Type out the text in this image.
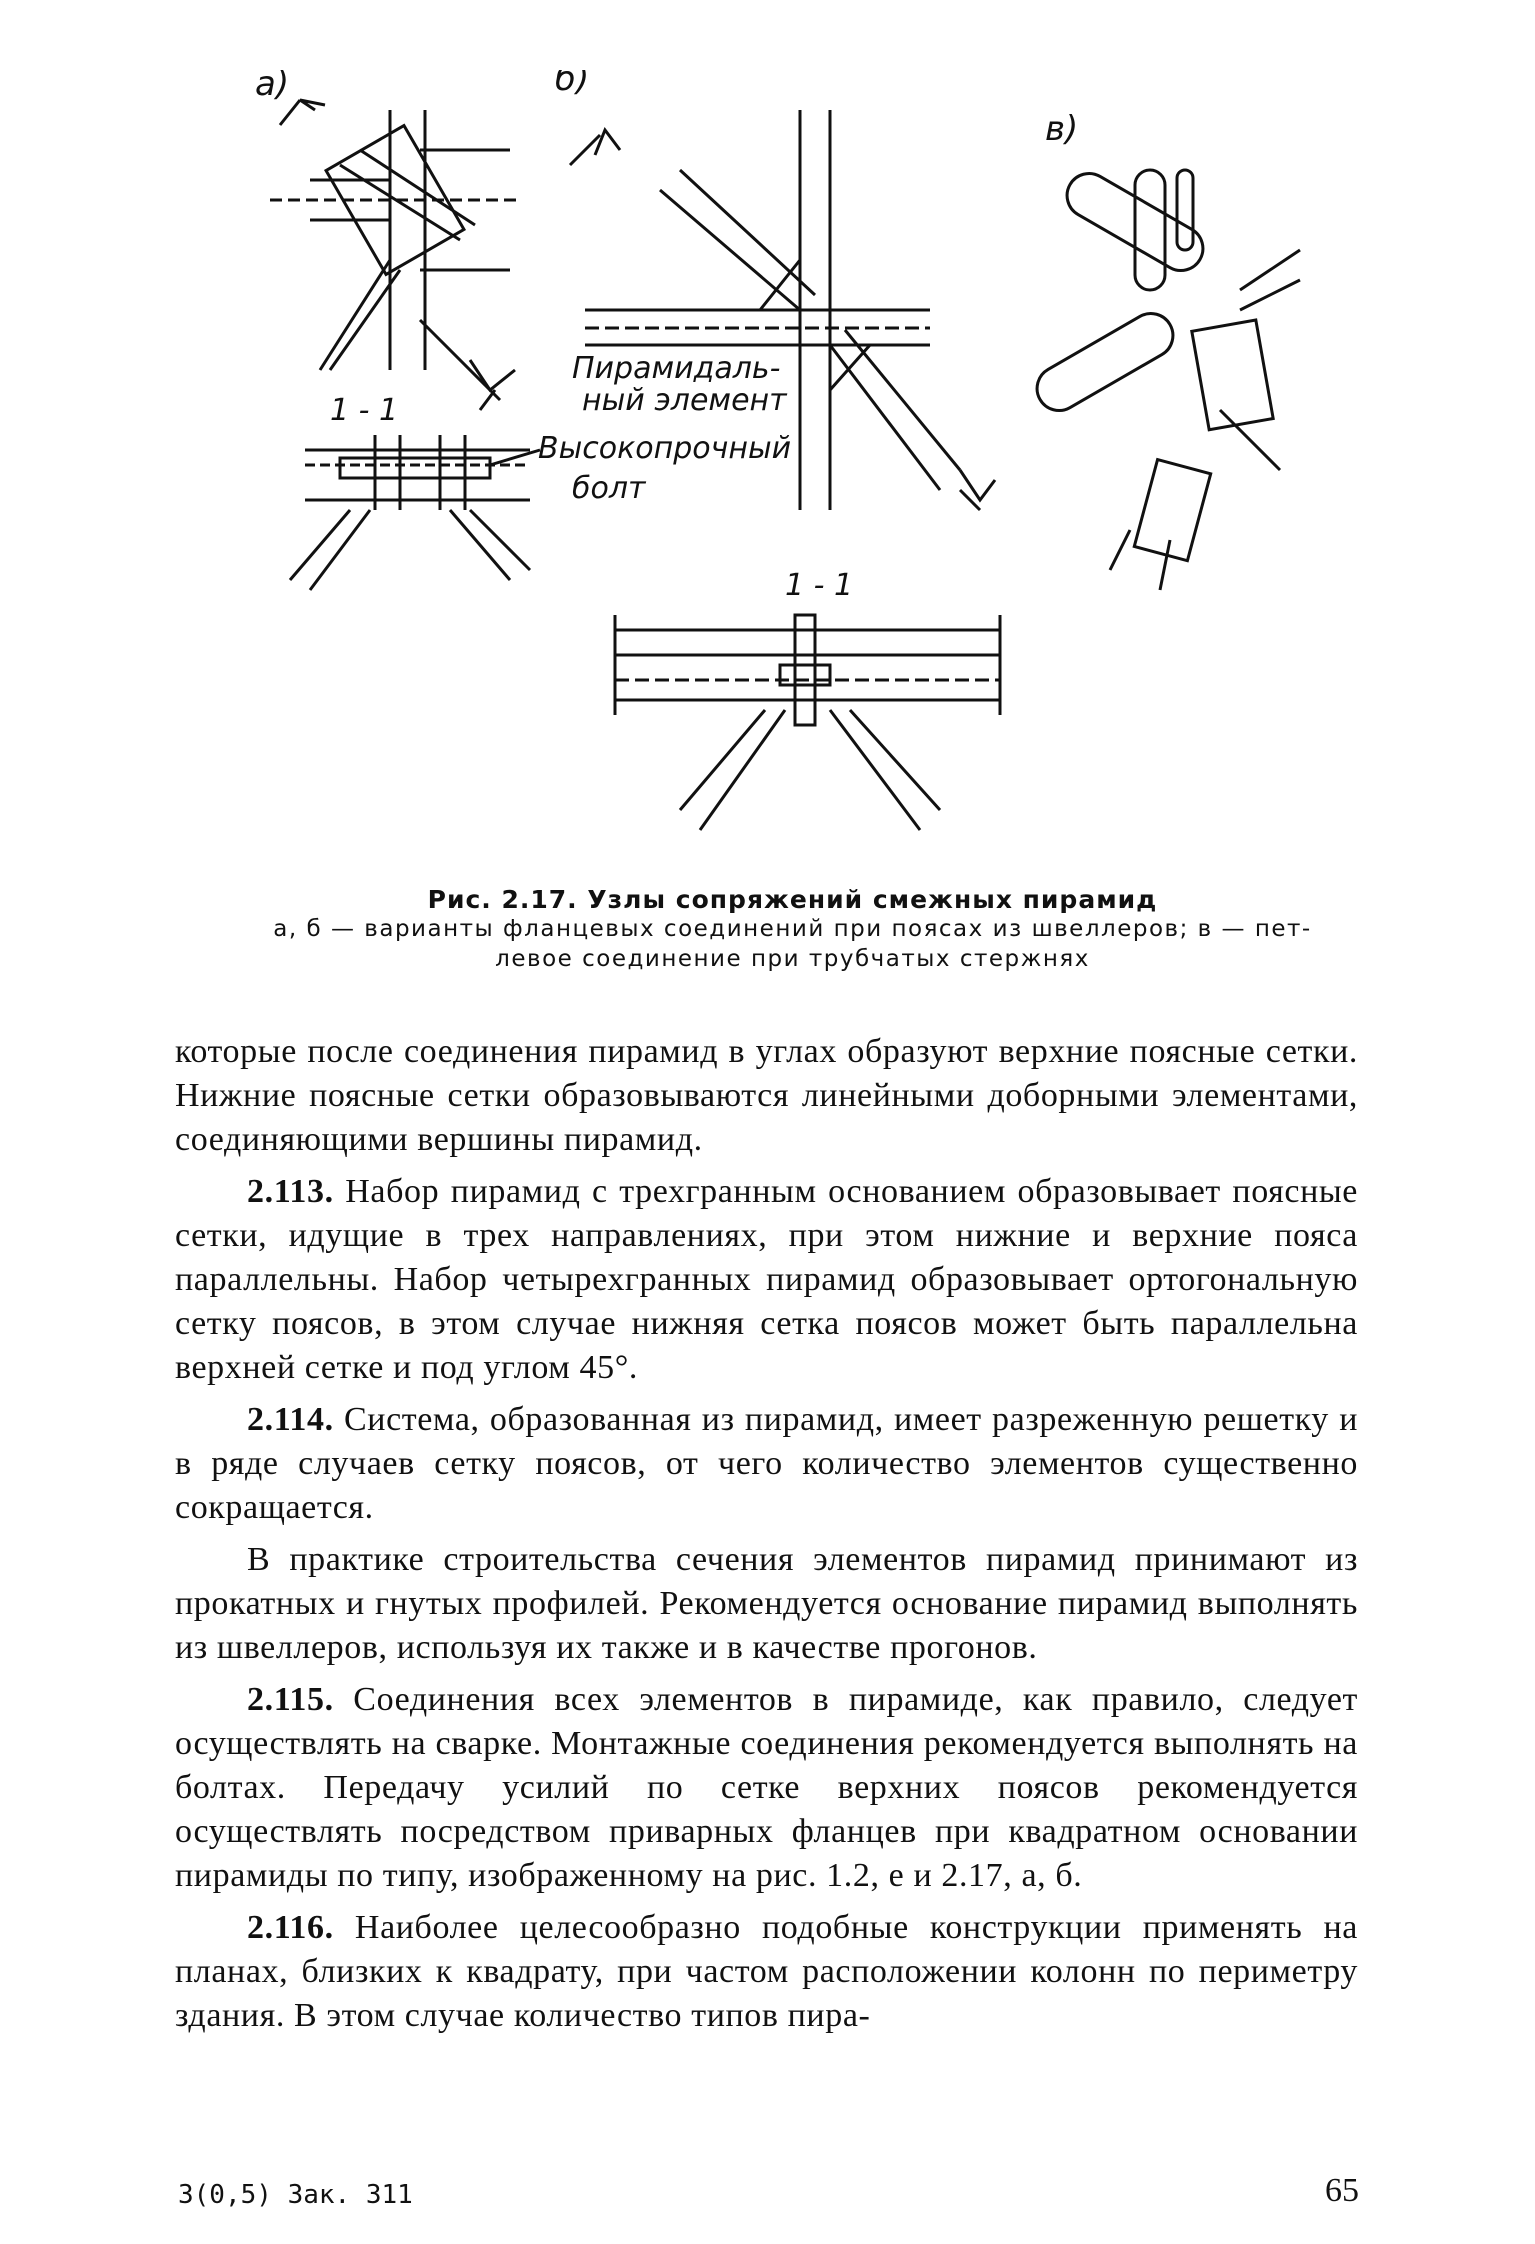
а)	б)
в)
1 - 1
1 - 1
Пирамидаль-
ный элемент
Высокопрочный
болт
Рис. 2.17. Узлы сопряжений смежных пирамид
а, б — варианты фланцевых соединений при поясах из швеллеров; в — пет-
левое соединение при трубчатых стержнях

которые после соединения пирамид в углах образуют верхние поясные сетки. Нижние поясные сетки образовываются линейными доборными элементами, соединяющими вершины пирамид.

2.113. Набор пирамид с трехгранным основанием образовывает поясные сетки, идущие в трех направлениях, при этом нижние и верхние пояса параллельны. Набор четырехгранных пирамид образовывает ортогональную сетку поясов, в этом случае нижняя сетка поясов может быть параллельна верхней сетке и под углом 45°.

2.114. Система, образованная из пирамид, имеет разреженную решетку и в ряде случаев сетку поясов, от чего количество элементов существенно сокращается.

В практике строительства сечения элементов пирамид принимают из прокатных и гнутых профилей. Рекомендуется основание пирамид выполнять из швеллеров, используя их также и в качестве прогонов.

2.115. Соединения всех элементов в пирамиде, как правило, следует осуществлять на сварке. Монтажные соединения рекомендуется выполнять на болтах. Передачу усилий по сетке верхних поясов рекомендуется осуществлять посредством приварных фланцев при квадратном основании пирамиды по типу, изображенному на рис. 1.2, е и 2.17, а, б.

2.116. Наиболее целесообразно подобные конструкции применять на планах, близких к квадрату, при частом расположении колонн по периметру здания. В этом случае количество типов пира-

3(0,5) Зак. 311	65
